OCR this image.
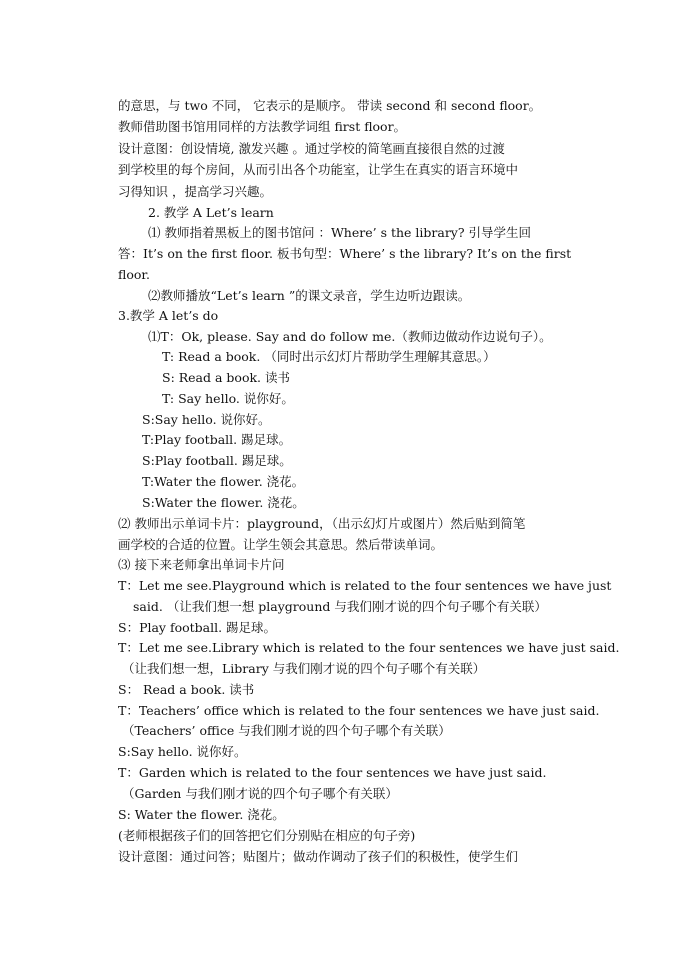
的意思，与 two 不同， 它表示的是顺序。 带读 second 和 second floor。
教师借助图书馆用同样的方法教学词组 first floor。
设计意图：创设情境, 激发兴趣 。通过学校的简笔画直接很自然的过渡
到学校里的每个房间，从而引出各个功能室，让学生在真实的语言环境中
习得知识 ，提高学习兴趣。
2. 教学 A Let’s learn
⑴ 教师指着黑板上的图书馆问 ：Where’ s the library? 引导学生回
答：It’s on the first floor. 板书句型：Where’ s the library? It’s on the first
floor.
⑵教师播放“Let’s learn ”的课文录音，学生边听边跟读。
3.教学 A let’s do
⑴T：Ok, please. Say and do follow me.（教师边做动作边说句子）。
T: Read a book. （同时出示幻灯片帮助学生理解其意思。）
S: Read a book. 读书
T: Say hello. 说你好。
S:Say hello. 说你好。
T:Play football. 踢足球。
S:Play football. 踢足球。
T:Water the flower. 浇花。
S:Water the flower. 浇花。
⑵ 教师出示单词卡片：playground，（出示幻灯片或图片）然后贴到简笔
画学校的合适的位置。让学生领会其意思。然后带读单词。
⑶ 接下来老师拿出单词卡片问
T：Let me see.Playground which is related to the four sentences we have just
said. （让我们想一想 playground 与我们刚才说的四个句子哪个有关联）
S：Play football. 踢足球。
T：Let me see.Library which is related to the four sentences we have just said.
（让我们想一想，Library 与我们刚才说的四个句子哪个有关联）
S： Read a book. 读书
T：Teachers’ office which is related to the four sentences we have just said.
（Teachers’ office 与我们刚才说的四个句子哪个有关联）
S:Say hello. 说你好。
T：Garden which is related to the four sentences we have just said.
（Garden 与我们刚才说的四个句子哪个有关联）
S: Water the flower. 浇花。
(老师根据孩子们的回答把它们分别贴在相应的句子旁)
设计意图：通过问答；贴图片；做动作调动了孩子们的积极性，使学生们
